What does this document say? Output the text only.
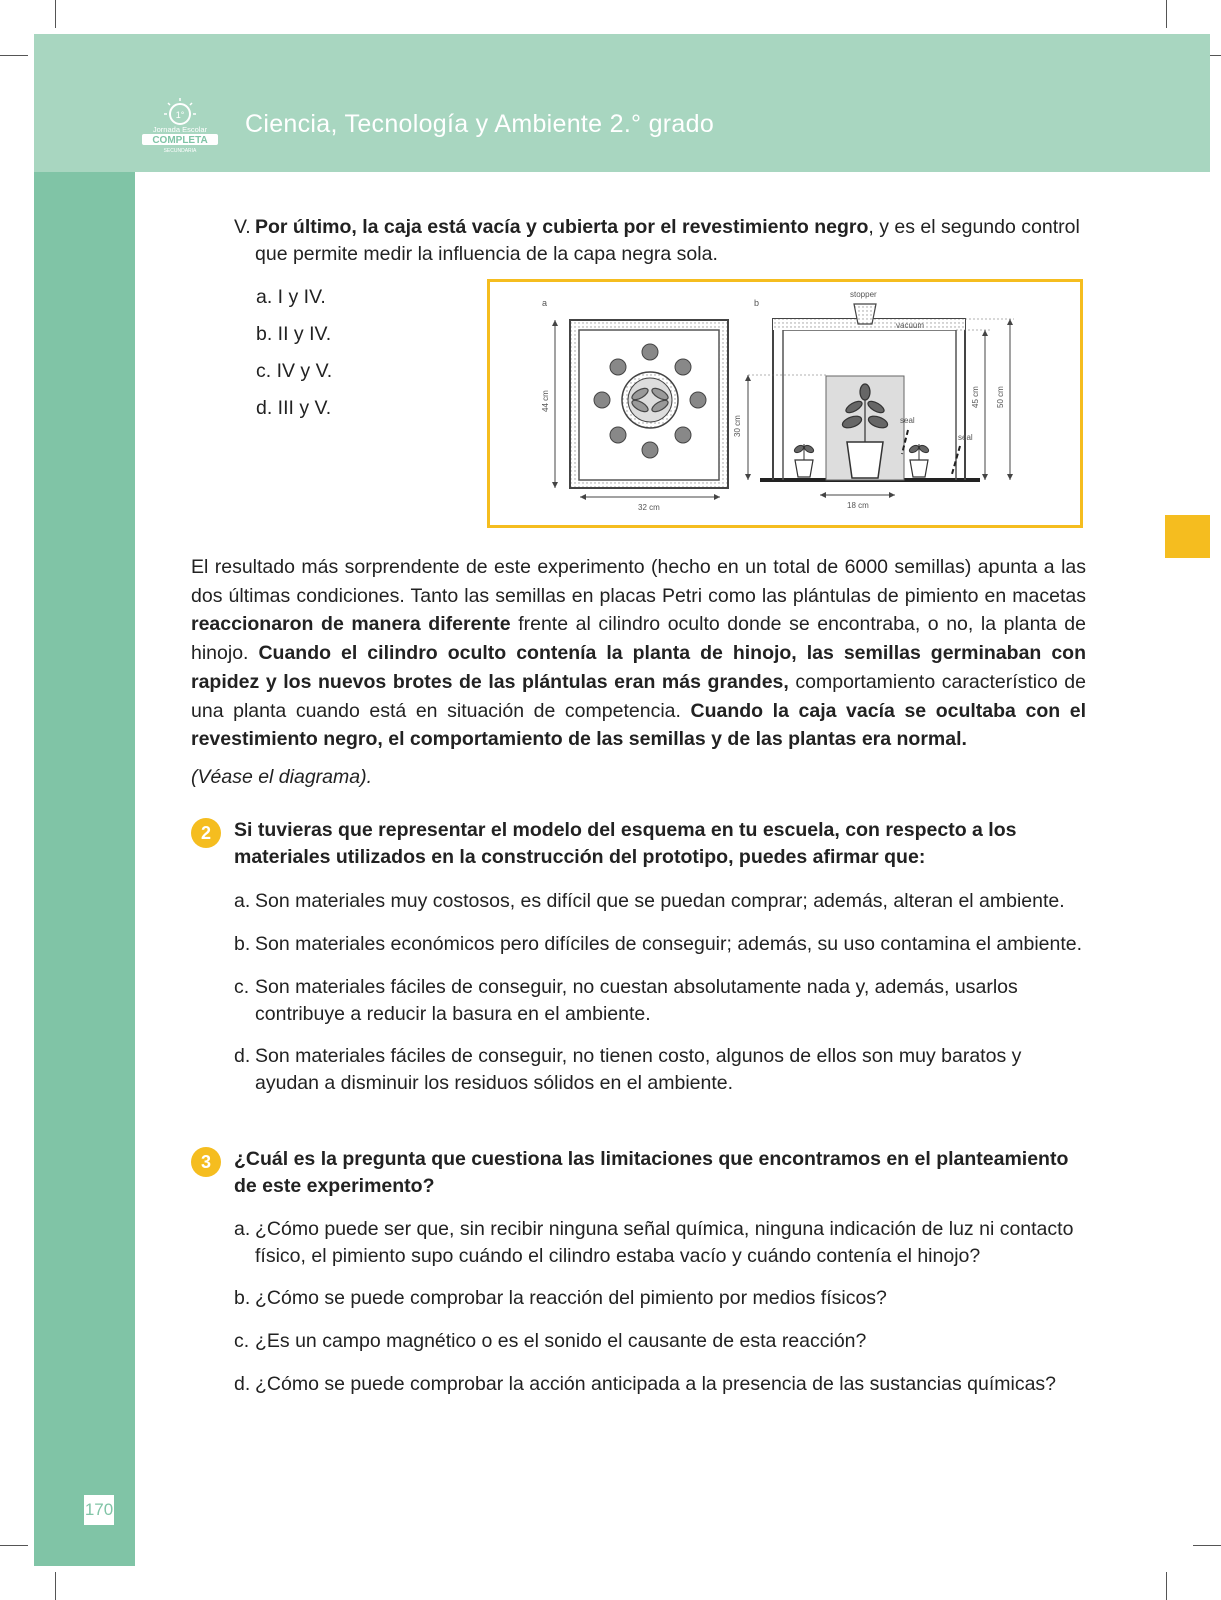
1°
Jornada Escolar
COMPLETA
SECUNDARIA
Ciencia, Tecnología y Ambiente 2.° grado
170
V. Por último, la caja está vacía y cubierta por el revestimiento negro, y es el segundo control que permite medir la influencia de la capa negra sola.
a. I y IV.
b. II y IV.
c. IV y V.
d. III y V.
a	b
44 cm
32 cm
stopper
vacuum
seal
seal
30 cm
18 cm
45 cm 50 cm
El resultado más sorprendente de este experimento (hecho en un total de 6000 semillas) apunta a las dos últimas condiciones. Tanto las semillas en placas Petri como las plántulas de pimiento en macetas reaccionaron de manera diferente frente al cilindro oculto donde se encontraba, o no, la planta de hinojo. Cuando el cilindro oculto contenía la planta de hinojo, las semillas germinaban con rapidez y los nuevos brotes de las plántulas eran más grandes, comportamiento característico de una planta cuando está en situación de competencia. Cuando la caja vacía se ocultaba con el revestimiento negro, el comportamiento de las semillas y de las plantas era normal.
(Véase el diagrama).
2	Si tuvieras que representar el modelo del esquema en tu escuela, con respecto a los materiales utilizados en la construcción del prototipo, puedes afirmar que:
a. Son materiales muy costosos, es difícil que se puedan comprar; además, alteran el ambiente.
b. Son materiales económicos pero difíciles de conseguir; además, su uso contamina el ambiente.
c. Son materiales fáciles de conseguir, no cuestan absolutamente nada y, además, usarlos contribuye a reducir la basura en el ambiente.
d. Son materiales fáciles de conseguir, no tienen costo, algunos de ellos son muy baratos y ayudan a disminuir los residuos sólidos en el ambiente.
3	¿Cuál es la pregunta que cuestiona las limitaciones que encontramos en el planteamiento de este experimento?
a. ¿Cómo puede ser que, sin recibir ninguna señal química, ninguna indicación de luz ni contacto físico, el pimiento supo cuándo el cilindro estaba vacío y cuándo contenía el hinojo?
b. ¿Cómo se puede comprobar la reacción del pimiento por medios físicos?
c. ¿Es un campo magnético o es el sonido el causante de esta reacción?
d. ¿Cómo se puede comprobar la acción anticipada a la presencia de las sustancias químicas?
